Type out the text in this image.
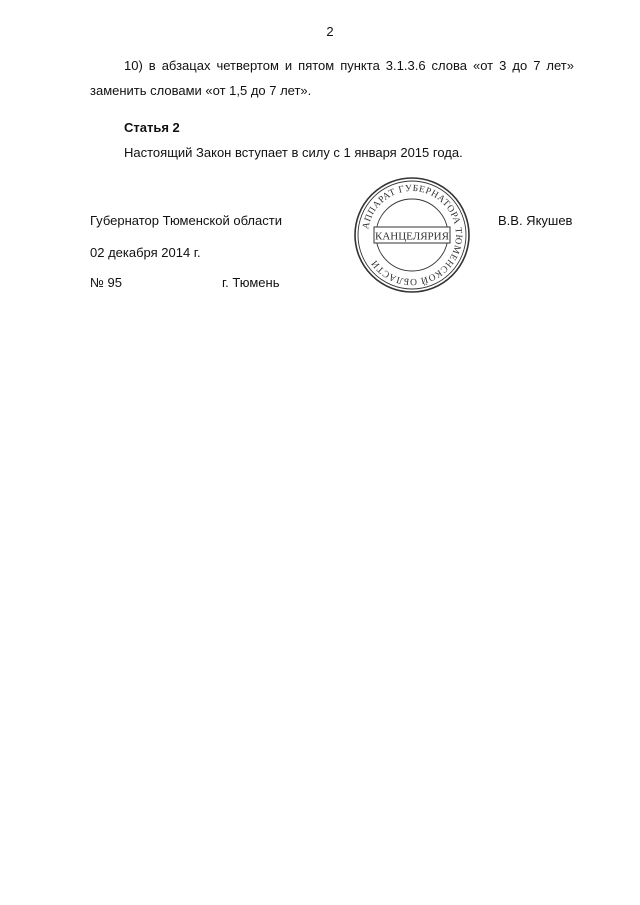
2
10) в абзацах четвертом и пятом пункта 3.1.3.6 слова «от 3 до 7 лет»
заменить словами «от 1,5 до 7 лет».
Статья 2
Настоящий Закон вступает в силу с 1 января 2015 года.
Губернатор Тюменской области	В.В. Якушев
02 декабря 2014 г.
№ 95	г. Тюмень
АППАРАТ ГУБЕРНАТОРА ТЮМЕНСКОЙ ОБЛАСТИ
КАНЦЕЛЯРИЯ
